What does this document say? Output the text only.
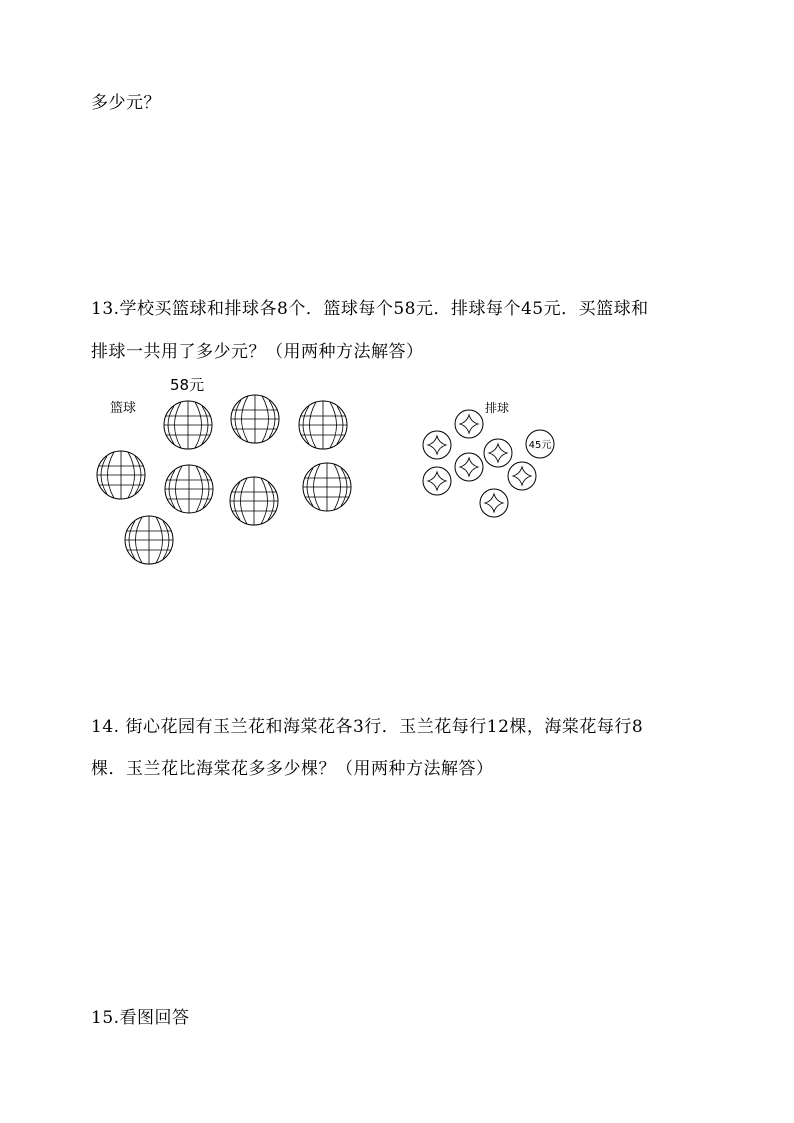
多少元？
13.学校买篮球和排球各8个．篮球每个58元．排球每个45元．买篮球和
排球一共用了多少元？（用两种方法解答）
篮球
58元
排球
45元
14. 街心花园有玉兰花和海棠花各3行．玉兰花每行12棵，海棠花每行8
棵．玉兰花比海棠花多多少棵？（用两种方法解答）
15.看图回答
